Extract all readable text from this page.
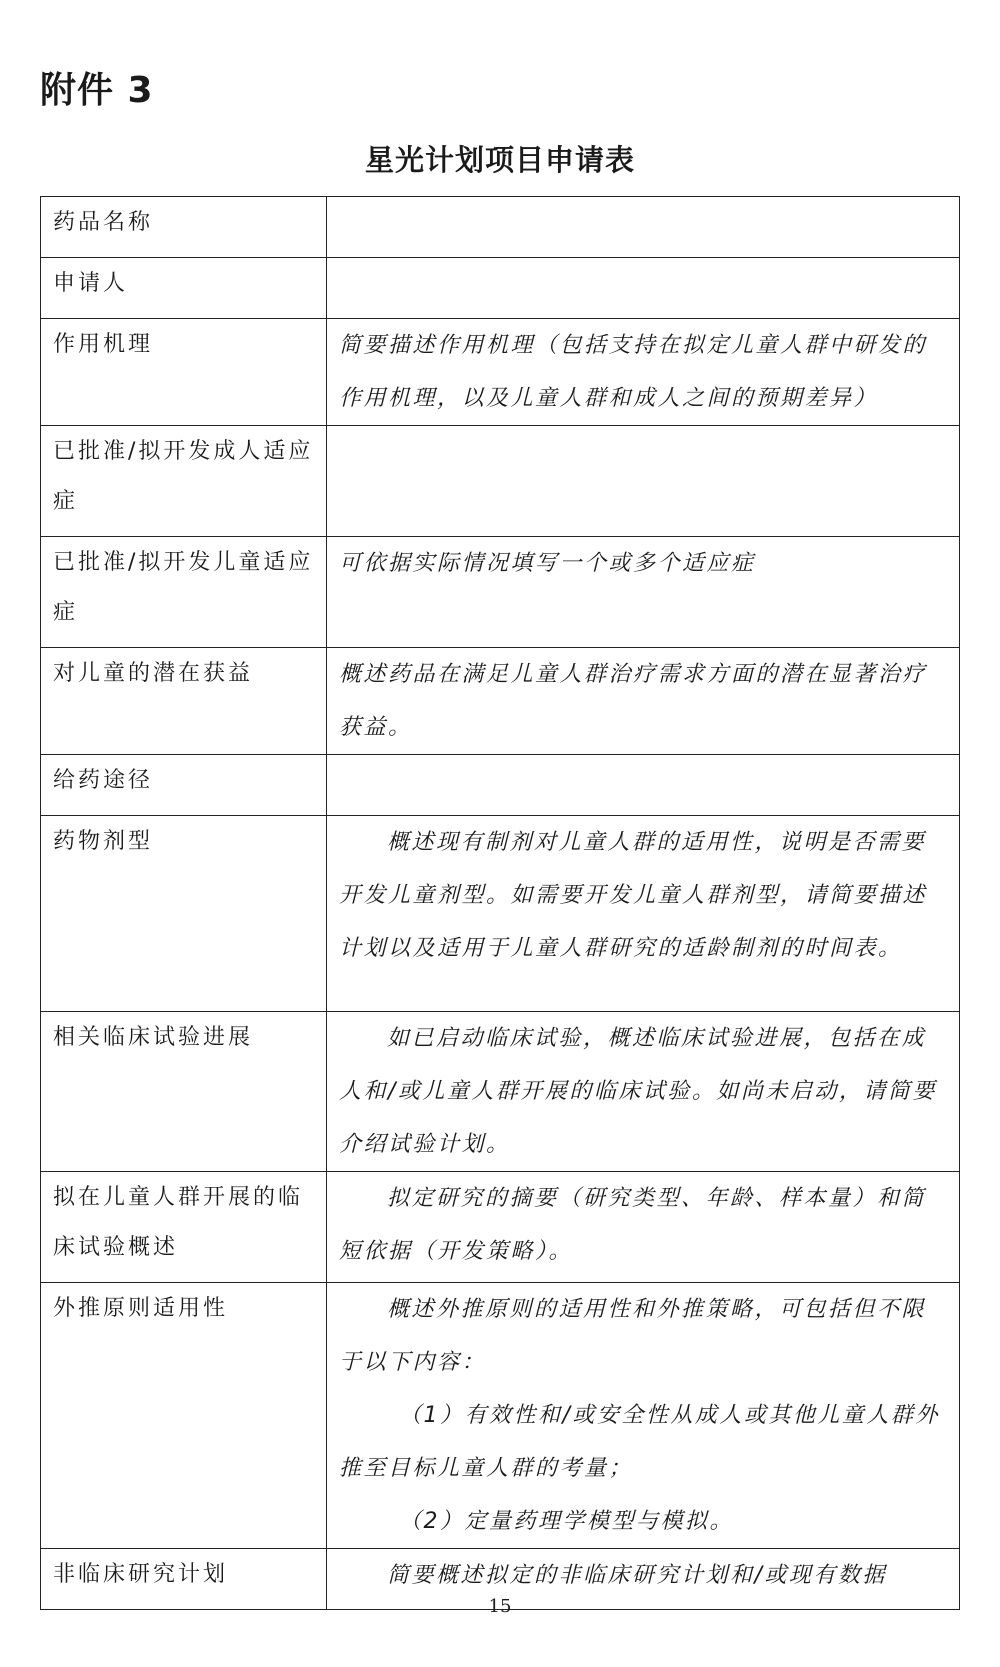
附件 3
星光计划项目申请表
药品名称	
申请人	
作用机理	简要描述作用机理（包括支持在拟定儿童人群中研发的作用机理，以及儿童人群和成人之间的预期差异）

已批准/拟开发成人适应症	
已批准/拟开发儿童适应症	可依据实际情况填写一个或多个适应症

对儿童的潜在获益	概述药品在满足儿童人群治疗需求方面的潜在显著治疗获益。

给药途径	
药物剂型	概述现有制剂对儿童人群的适用性，说明是否需要开发儿童剂型。如需要开发儿童人群剂型，请简要描述计划以及适用于儿童人群研究的适龄制剂的时间表。

相关临床试验进展	如已启动临床试验，概述临床试验进展，包括在成人和/或儿童人群开展的临床试验。如尚未启动，请简要介绍试验计划。

拟在儿童人群开展的临床试验概述	拟定研究的摘要（研究类型、年龄、样本量）和简短依据（开发策略）。

外推原则适用性	概述外推原则的适用性和外推策略，可包括但不限于以下内容：
（1）有效性和/或安全性从成人或其他儿童人群外推至目标儿童人群的考量；
（2）定量药理学模型与模拟。

非临床研究计划	简要概述拟定的非临床研究计划和/或现有数据
15
